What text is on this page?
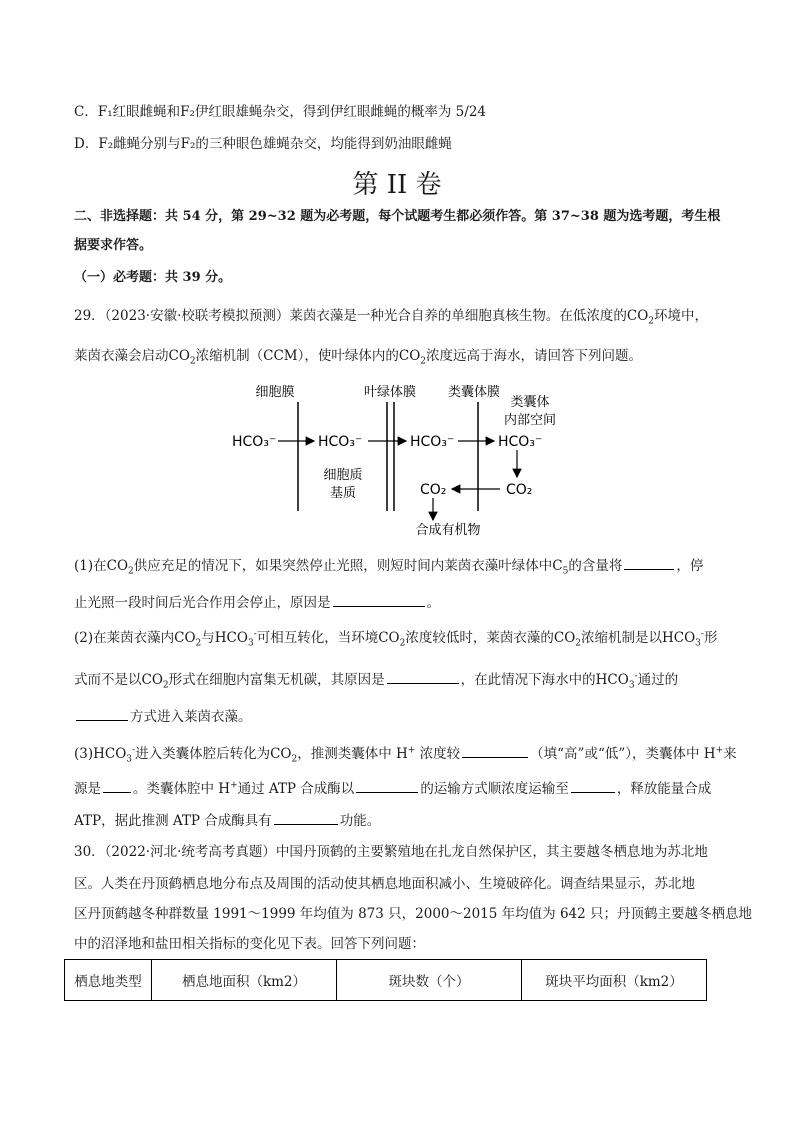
C．F₁红眼雌蝇和F₂伊红眼雄蝇杂交，得到伊红眼雌蝇的概率为 5/24
D．F₂雌蝇分别与F₂的三种眼色雄蝇杂交，均能得到奶油眼雌蝇
第 II 卷
二、非选择题：共 54 分，第 29~32 题为必考题，每个试题考生都必须作答。第 37~38 题为选考题，考生根
据要求作答。
（一）必考题：共 39 分。
29．（2023·安徽·校联考模拟预测）莱茵衣藻是一种光合自养的单细胞真核生物。在低浓度的$CO_2$环境中，
莱茵衣藻会启动$CO_2$浓缩机制（CCM），使叶绿体内的$CO_2$浓度远高于海水，请回答下列问题。
细胞膜	叶绿体膜 类囊体膜
类囊体
内部空间
细胞质
基质
HCO₃⁻	HCO₃⁻	HCO₃⁻	HCO₃⁻
CO₂
CO₂
合成有机物
(1)在$CO_2$供应充足的情况下，如果突然停止光照，则短时间内莱茵衣藻叶绿体中$C_5$的含量将	，停
止光照一段时间后光合作用会停止，原因是	。
(2)在莱茵衣藻内$CO_2$与$HCO_3^-$可相互转化，当环境$CO_2$浓度较低时，莱茵衣藻的$CO_2$浓缩机制是以$HCO_3^-$形
式而不是以$CO_2$形式在细胞内富集无机碳，其原因是	，在此情况下海水中的$HCO_3^-$通过的
方式进入莱茵衣藻。
$(3)HCO_3^-$进入类囊体腔后转化为$CO_2$，推测类囊体中 H+ 浓度较	（填“高”或“低”），类囊体中 H+来
源是 。类囊体腔中 H+通过 ATP 合成酶以	的运输方式顺浓度运输至	，释放能量合成
ATP，据此推测 ATP 合成酶具有	功能。
30．（2022·河北·统考高考真题）中国丹顶鹤的主要繁殖地在扎龙自然保护区，其主要越冬栖息地为苏北地
区。人类在丹顶鹤栖息地分布点及周围的活动使其栖息地面积减小、生境破碎化。调查结果显示，苏北地
区丹顶鹤越冬种群数量 1991～1999 年均值为 873 只，2000～2015 年均值为 642 只；丹顶鹤主要越冬栖息地
中的沼泽地和盐田相关指标的变化见下表。回答下列问题：
栖息地类型	栖息地面积（km2）	斑块数（个）	斑块平均面积（km2）
